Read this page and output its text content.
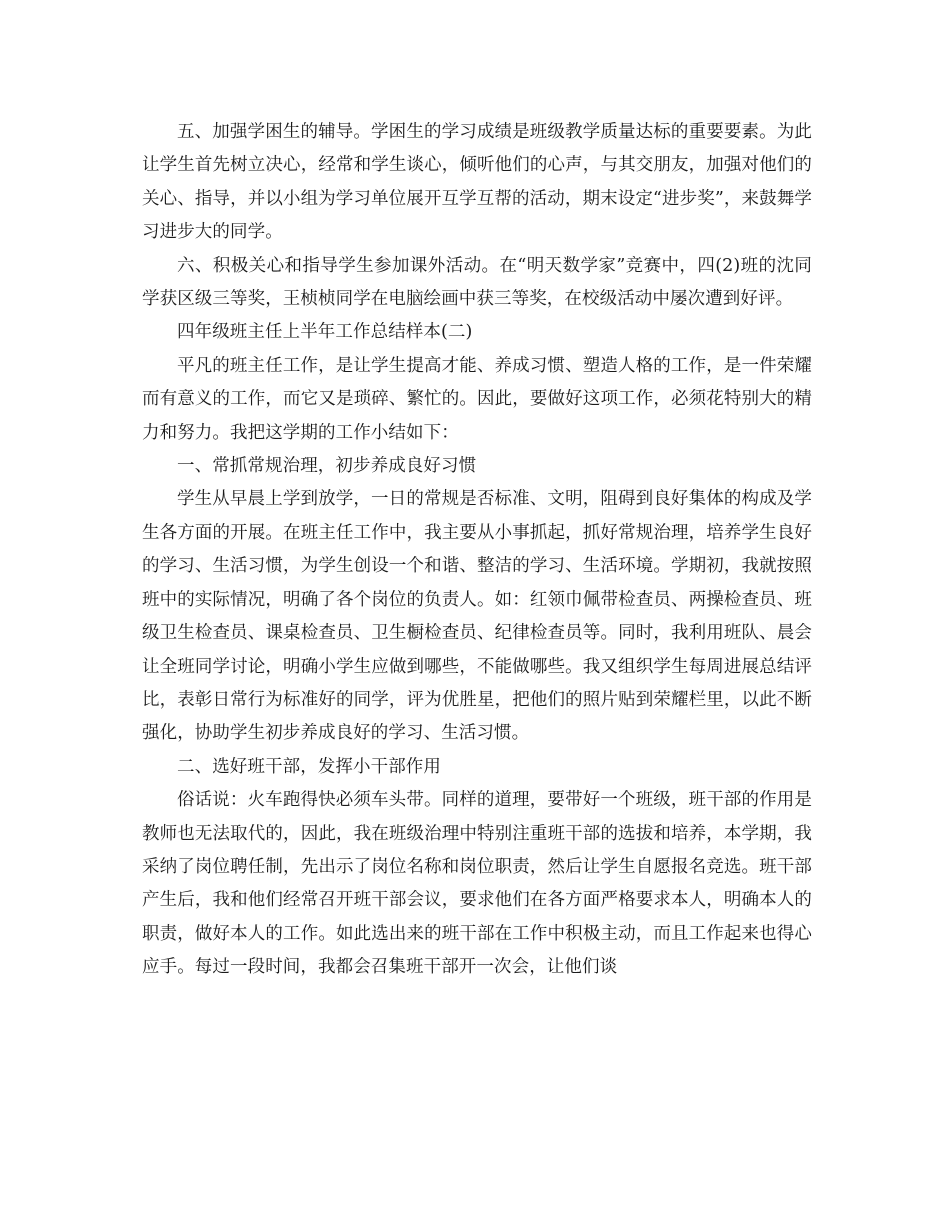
五、加强学困生的辅导。学困生的学习成绩是班级教学质量达标的重要要素。为此让学生首先树立决心，经常和学生谈心，倾听他们的心声，与其交朋友，加强对他们的关心、指导，并以小组为学习单位展开互学互帮的活动，期末设定“进步奖”，来鼓舞学习进步大的同学。

六、积极关心和指导学生参加课外活动。在“明天数学家”竞赛中，四(2)班的沈同学获区级三等奖，王桢桢同学在电脑绘画中获三等奖，在校级活动中屡次遭到好评。

四年级班主任上半年工作总结样本(二)

平凡的班主任工作，是让学生提高才能、养成习惯、塑造人格的工作，是一件荣耀而有意义的工作，而它又是琐碎、繁忙的。因此，要做好这项工作，必须花特别大的精力和努力。我把这学期的工作小结如下：

一、常抓常规治理，初步养成良好习惯

学生从早晨上学到放学，一日的常规是否标准、文明，阻碍到良好集体的构成及学生各方面的开展。在班主任工作中，我主要从小事抓起，抓好常规治理，培养学生良好的学习、生活习惯，为学生创设一个和谐、整洁的学习、生活环境。学期初，我就按照班中的实际情况，明确了各个岗位的负责人。如：红领巾佩带检查员、两操检查员、班级卫生检查员、课桌检查员、卫生橱检查员、纪律检查员等。同时，我利用班队、晨会让全班同学讨论，明确小学生应做到哪些，不能做哪些。我又组织学生每周进展总结评比，表彰日常行为标准好的同学，评为优胜星，把他们的照片贴到荣耀栏里，以此不断强化，协助学生初步养成良好的学习、生活习惯。

二、选好班干部，发挥小干部作用

俗话说：火车跑得快必须车头带。同样的道理，要带好一个班级，班干部的作用是教师也无法取代的，因此，我在班级治理中特别注重班干部的选拔和培养，本学期，我采纳了岗位聘任制，先出示了岗位名称和岗位职责，然后让学生自愿报名竞选。班干部产生后，我和他们经常召开班干部会议，要求他们在各方面严格要求本人，明确本人的职责，做好本人的工作。如此选出来的班干部在工作中积极主动，而且工作起来也得心应手。每过一段时间，我都会召集班干部开一次会，让他们谈
